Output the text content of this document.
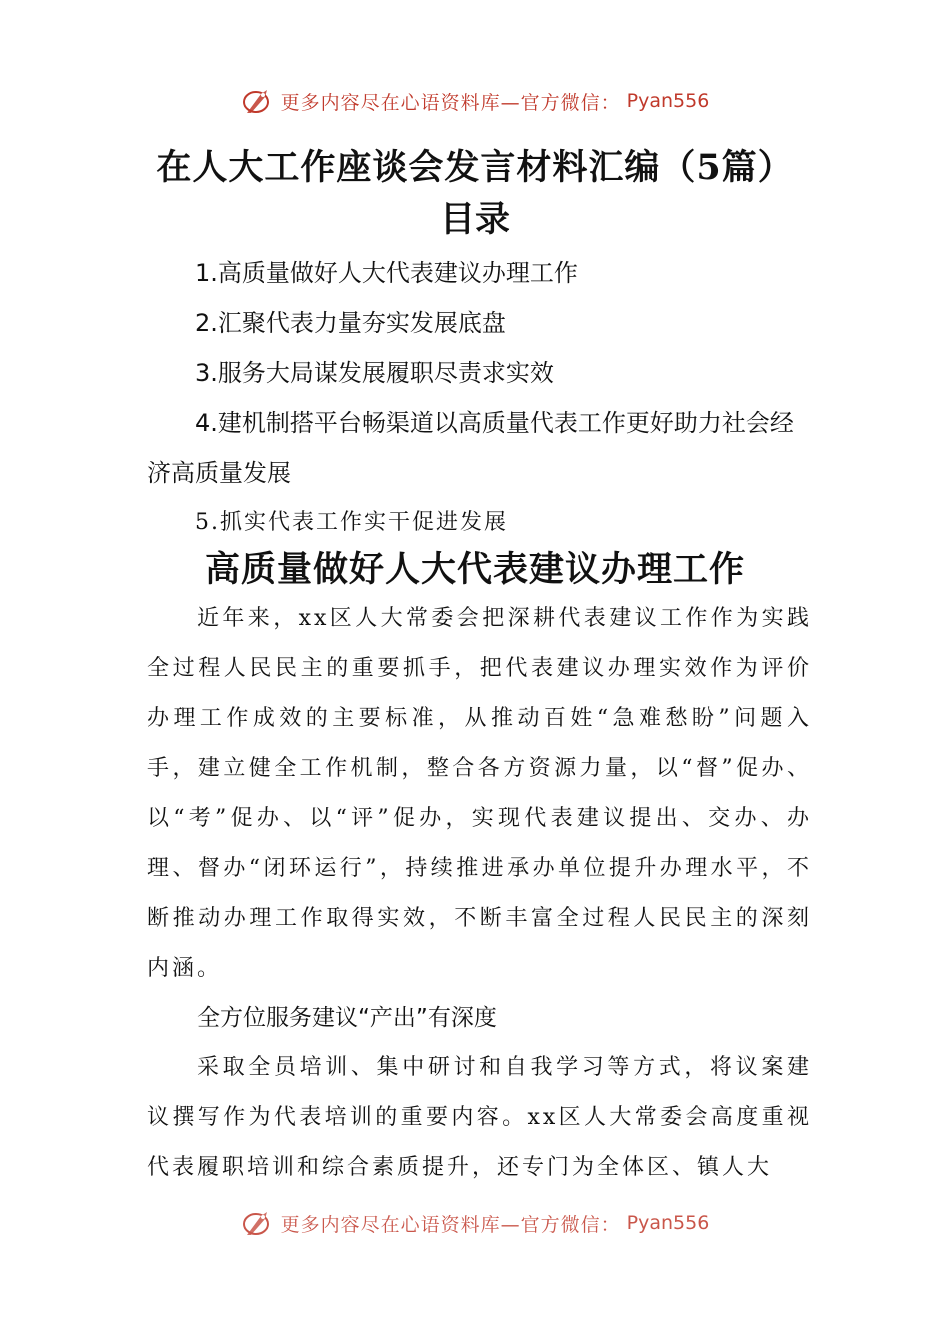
更多内容尽在心语资料库—官方微信： Pyan556
在人大工作座谈会发言材料汇编（5篇）
目录
1.高质量做好人大代表建议办理工作
2.汇聚代表力量夯实发展底盘
3.服务大局谋发展履职尽责求实效
4.建机制搭平台畅渠道以高质量代表工作更好助力社会经济高质量发展
5.抓实代表工作实干促进发展
高质量做好人大代表建议办理工作
近年来，xx区人大常委会把深耕代表建议工作作为实践全过程人民民主的重要抓手，把代表建议办理实效作为评价办理工作成效的主要标准，从推动百姓“急难愁盼”问题入手，建立健全工作机制，整合各方资源力量，以“督”促办、以“考”促办、以“评”促办，实现代表建议提出、交办、办理、督办“闭环运行”，持续推进承办单位提升办理水平，不断推动办理工作取得实效，不断丰富全过程人民民主的深刻内涵。
全方位服务建议“产出”有深度
采取全员培训、集中研讨和自我学习等方式，将议案建议撰写作为代表培训的重要内容。xx区人大常委会高度重视代表履职培训和综合素质提升，还专门为全体区、镇人大
更多内容尽在心语资料库—官方微信： Pyan556
